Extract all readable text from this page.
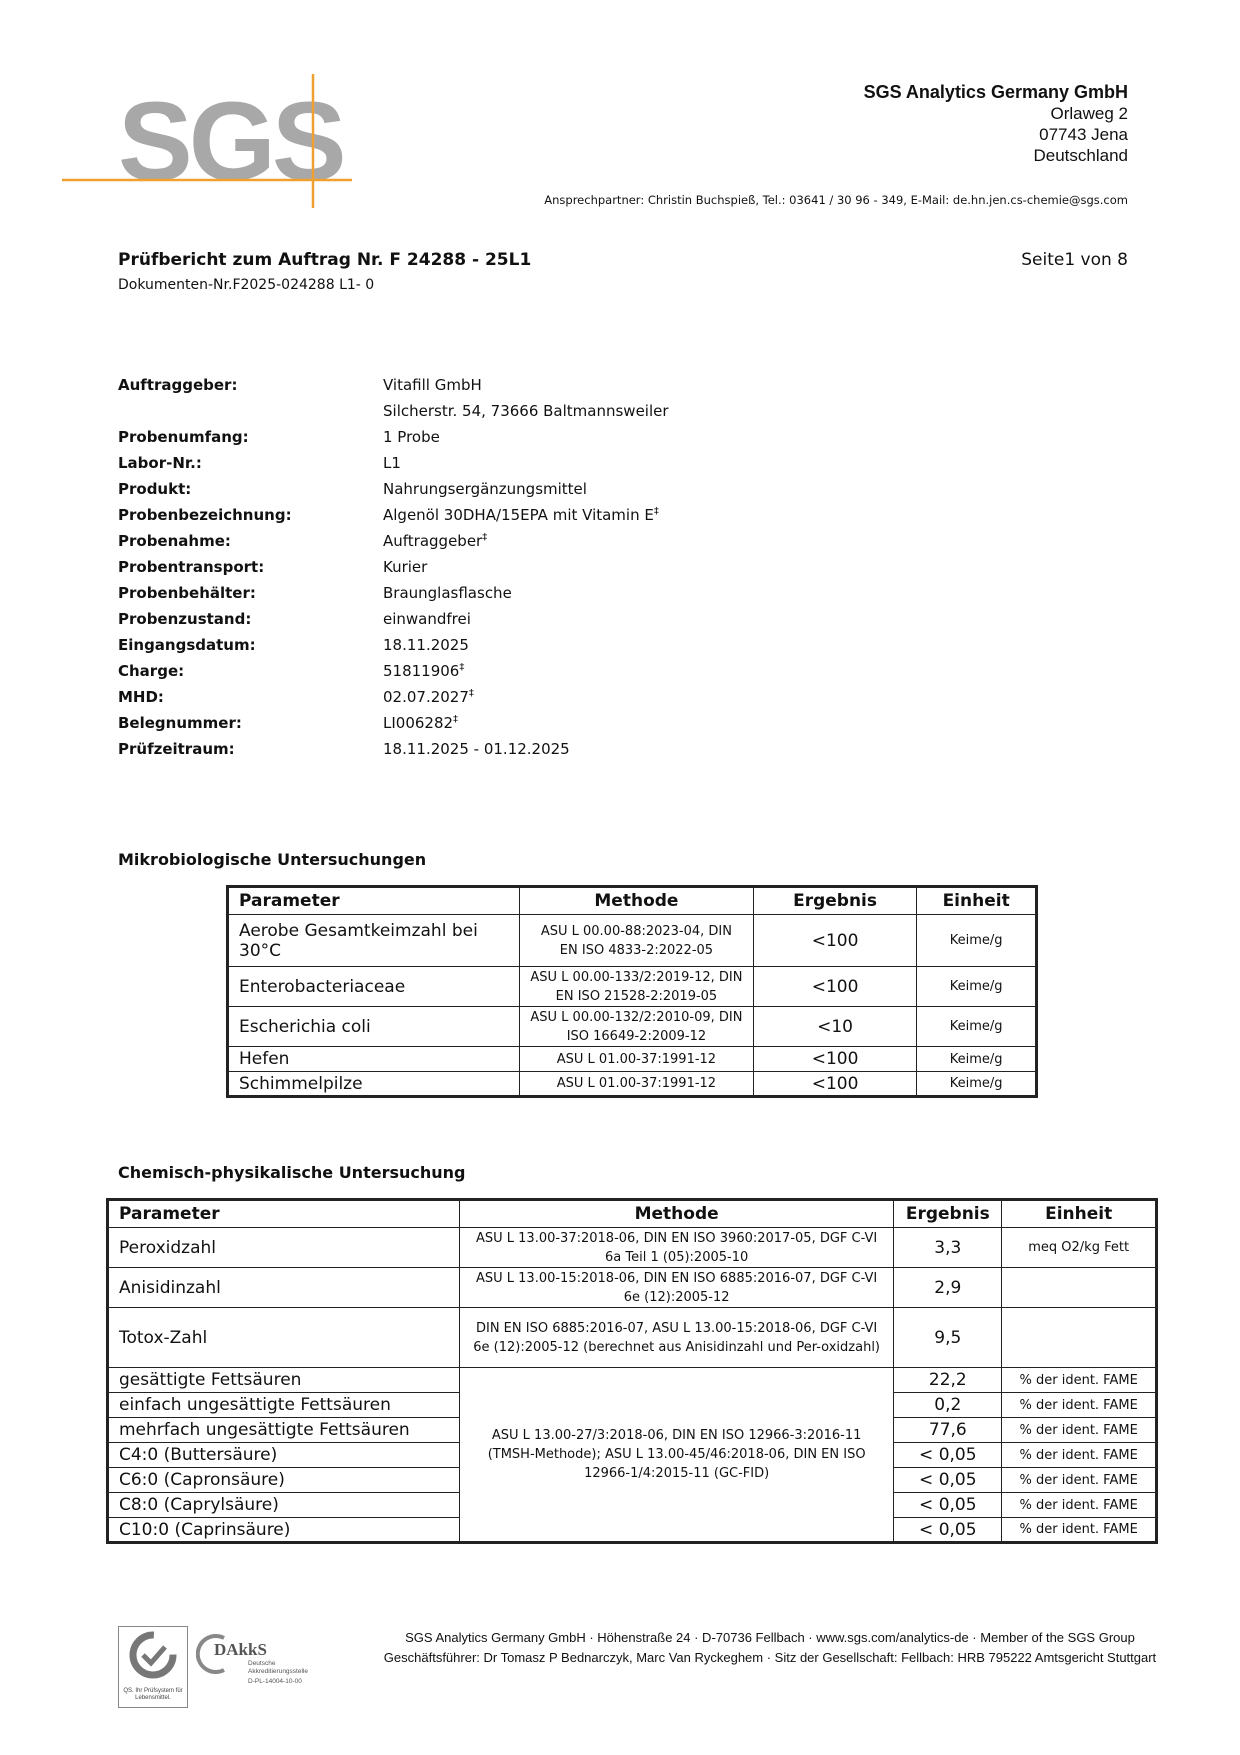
SGS	SGS Analytics Germany GmbH
Orlaweg 2
07743 Jena
Deutschland
Ansprechpartner: Christin Buchspieß, Tel.: 03641 / 30 96 - 349, E-Mail: de.hn.jen.cs-chemie@sgs.com
Prüfbericht zum Auftrag Nr. F 24288 - 25L1	Seite1 von 8
Dokumenten-Nr.F2025-024288 L1- 0
Auftraggeber:	Vitafill GmbH
Silcherstr. 54, 73666 Baltmannsweiler
Probenumfang:	1 Probe
Labor-Nr.:	L1
Produkt:	Nahrungsergänzungsmittel
Probenbezeichnung:	Algenöl 30DHA/15EPA mit Vitamin E‡
Probenahme:	Auftraggeber‡
Probentransport:	Kurier
Probenbehälter:	Braunglasflasche
Probenzustand:	einwandfrei
Eingangsdatum:	18.11.2025
Charge:	51811906‡
MHD:	02.07.2027‡
Belegnummer:	LI006282‡
Prüfzeitraum:	18.11.2025 - 01.12.2025
Mikrobiologische Untersuchungen
Parameter	Methode	Ergebnis	Einheit
Aerobe Gesamtkeimzahl bei 30°C	ASU L 00.00-88:2023-04, DIN EN ISO 4833-2:2022-05	<100	Keime/g
Enterobacteriaceae	ASU L 00.00-133/2:2019-12, DIN EN ISO 21528-2:2019-05	<100	Keime/g
Escherichia coli	ASU L 00.00-132/2:2010-09, DIN ISO 16649-2:2009-12	<10	Keime/g
Hefen	ASU L 01.00-37:1991-12	<100	Keime/g
Schimmelpilze	ASU L 01.00-37:1991-12	<100	Keime/g
Chemisch-physikalische Untersuchung
Parameter	Methode	Ergebnis	Einheit
Peroxidzahl	ASU L 13.00-37:2018-06, DIN EN ISO 3960:2017-05, DGF C-VI 6a Teil 1 (05):2005-10	3,3	meq O2/kg Fett
Anisidinzahl	ASU L 13.00-15:2018-06, DIN EN ISO 6885:2016-07, DGF C-VI 6e (12):2005-12	2,9	
Totox-Zahl	DIN EN ISO 6885:2016-07, ASU L 13.00-15:2018-06, DGF C-VI 6e (12):2005-12 (berechnet aus Anisidinzahl und Per-oxidzahl)	9,5	
gesättigte Fettsäuren	ASU L 13.00-27/3:2018-06, DIN EN ISO 12966-3:2016-11 (TMSH-Methode); ASU L 13.00-45/46:2018-06, DIN EN ISO 12966-1/4:2015-11 (GC-FID)	22,2	% der ident. FAME
einfach ungesättigte Fettsäuren		0,2	% der ident. FAME
mehrfach ungesättigte Fettsäuren		77,6	% der ident. FAME
C4:0 (Buttersäure)		< 0,05	% der ident. FAME
C6:0 (Capronsäure)		< 0,05	% der ident. FAME
C8:0 (Caprylsäure)		< 0,05	% der ident. FAME
C10:0 (Caprinsäure)		< 0,05	% der ident. FAME
QS. Ihr Prüfsystem für Lebensmittel.
DAkkS
Deutsche Akkreditierungsstelle
D-PL-14004-10-00
SGS Analytics Germany GmbH · Höhenstraße 24 · D-70736 Fellbach · www.sgs.com/analytics-de · Member of the SGS Group
Geschäftsführer: Dr Tomasz P Bednarczyk, Marc Van Ryckeghem · Sitz der Gesellschaft: Fellbach: HRB 795222 Amtsgericht Stuttgart
